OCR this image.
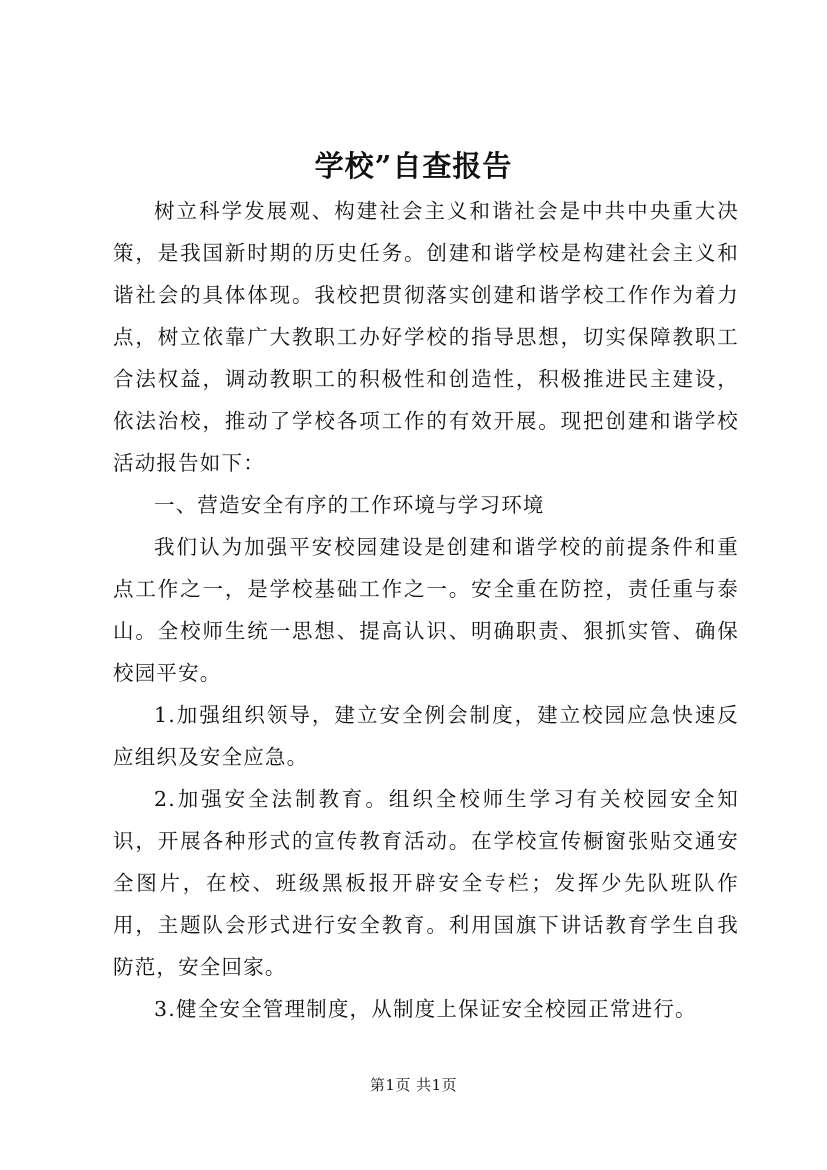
学校”自查报告

树立科学发展观、构建社会主义和谐社会是中共中央重大决策，是我国新时期的历史任务。创建和谐学校是构建社会主义和谐社会的具体体现。我校把贯彻落实创建和谐学校工作作为着力点，树立依靠广大教职工办好学校的指导思想，切实保障教职工合法权益，调动教职工的积极性和创造性，积极推进民主建设，依法治校，推动了学校各项工作的有效开展。现把创建和谐学校活动报告如下：

一、营造安全有序的工作环境与学习环境

我们认为加强平安校园建设是创建和谐学校的前提条件和重点工作之一，是学校基础工作之一。安全重在防控，责任重与泰山。全校师生统一思想、提高认识、明确职责、狠抓实管、确保校园平安。

1.加强组织领导，建立安全例会制度，建立校园应急快速反应组织及安全应急。

2.加强安全法制教育。组织全校师生学习有关校园安全知识，开展各种形式的宣传教育活动。在学校宣传橱窗张贴交通安全图片，在校、班级黑板报开辟安全专栏；发挥少先队班队作用，主题队会形式进行安全教育。利用国旗下讲话教育学生自我防范，安全回家。

3.健全安全管理制度，从制度上保证安全校园正常进行。

第1页 共1页
